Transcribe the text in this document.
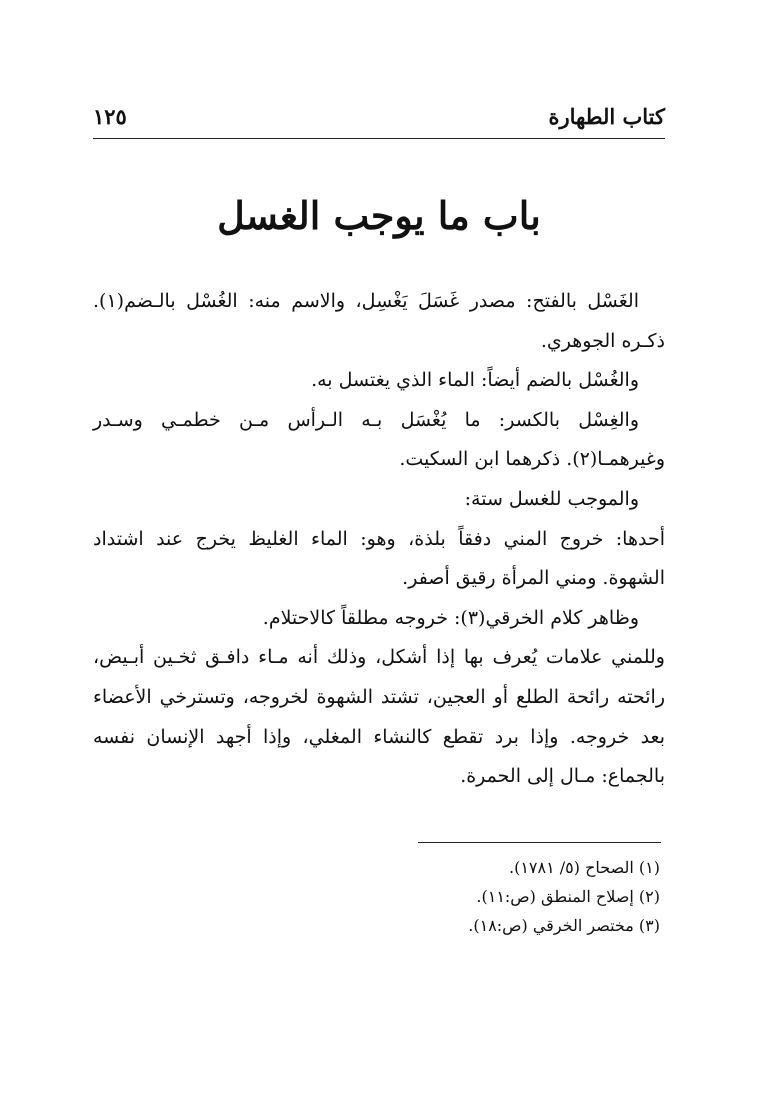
كتاب الطهارة
١٢٥
باب ما يوجب الغسل

الغَسْل بالفتح: مصدر غَسَلَ يَغْسِل، والاسم منه: الغُسْل بالـضم(١). ذكـره الجوهري.

والغُسْل بالضم أيضاً: الماء الذي يغتسل به.

والغِسْل بالكسر: ما يُغْسَل بـه الـرأس مـن خطمـي وسـدر وغيرهمـا(٢). ذكرهما ابن السكيت.

والموجب للغسل ستة:

أحدها: خروج المني دفقاً بلذة، وهو: الماء الغليظ يخرج عند اشتداد الشهوة. ومني المرأة رقيق أصفر.

وظاهر كلام الخرقي(٣): خروجه مطلقاً كالاحتلام.

وللمني علامات يُعرف بها إذا أشكل، وذلك أنه مـاء دافـق ثخـين أبـيض، رائحته رائحة الطلع أو العجين، تشتد الشهوة لخروجه، وتسترخي الأعضاء بعد خروجه. وإذا برد تقطع كالنشاء المغلي، وإذا أجهد الإنسان نفسه بالجماع: مـال إلى الحمرة.

(١) الصحاح (٥/ ١٧٨١).
(٢) إصلاح المنطق (ص:١١).
(٣) مختصر الخرقي (ص:١٨).
